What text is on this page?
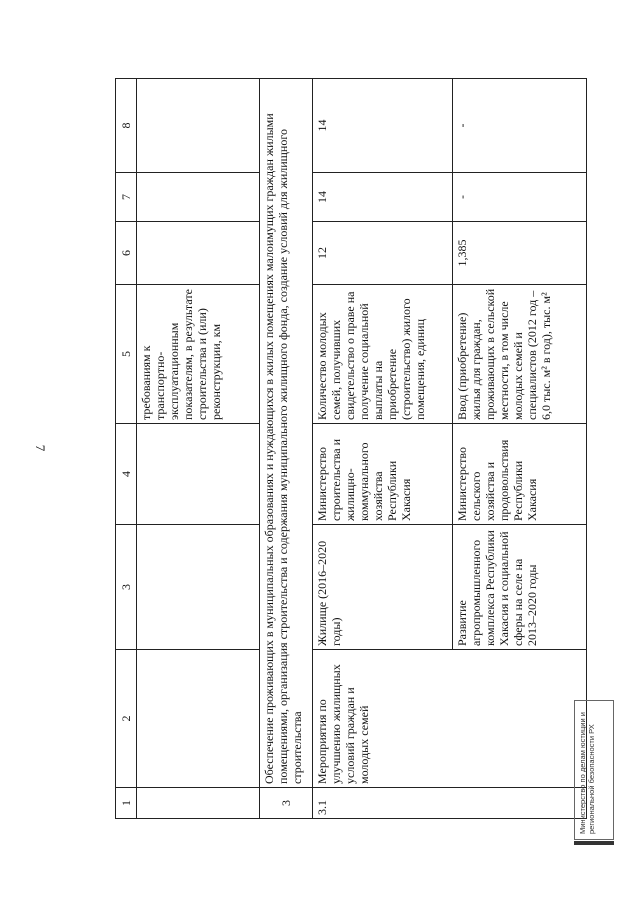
7
1	2	3	4	5	6	7	8
				требованиям к транспортно-эксплуатационным показателям, в результате строительства и (или) реконструкции, км			
3	Обеспечение проживающих в муниципальных образованиях и нуждающихся в жилых помещениях малоимущих граждан жилыми помещениями, организация строительства и содержания муниципального жилищного фонда, создание условий для жилищного строительства						
3.1	Мероприятия по улучшению жилищных условий граждан и молодых семей	Жилище (2016–2020 годы)	Министерство строительства и жилищно-коммунального хозяйства Республики Хакасия	Количество молодых семей, получивших свидетельство о праве на получение социальной выплаты на приобретение (строительство) жилого помещения, единиц	12	14	14
		Развитие агропромышленного комплекса Республики Хакасия и социальной сферы на селе на 2013–2020 годы	Министерство сельского хозяйства и продовольствия Республики Хакасия	Ввод (приобретение) жилья для граждан, проживающих в сельской местности, в том числе молодых семей и специалистов (2012 год – 6,0 тыс. м² в год), тыс. м²	1,385	-	-
Министерство по делам юстиции и региональной безопасности РХ
